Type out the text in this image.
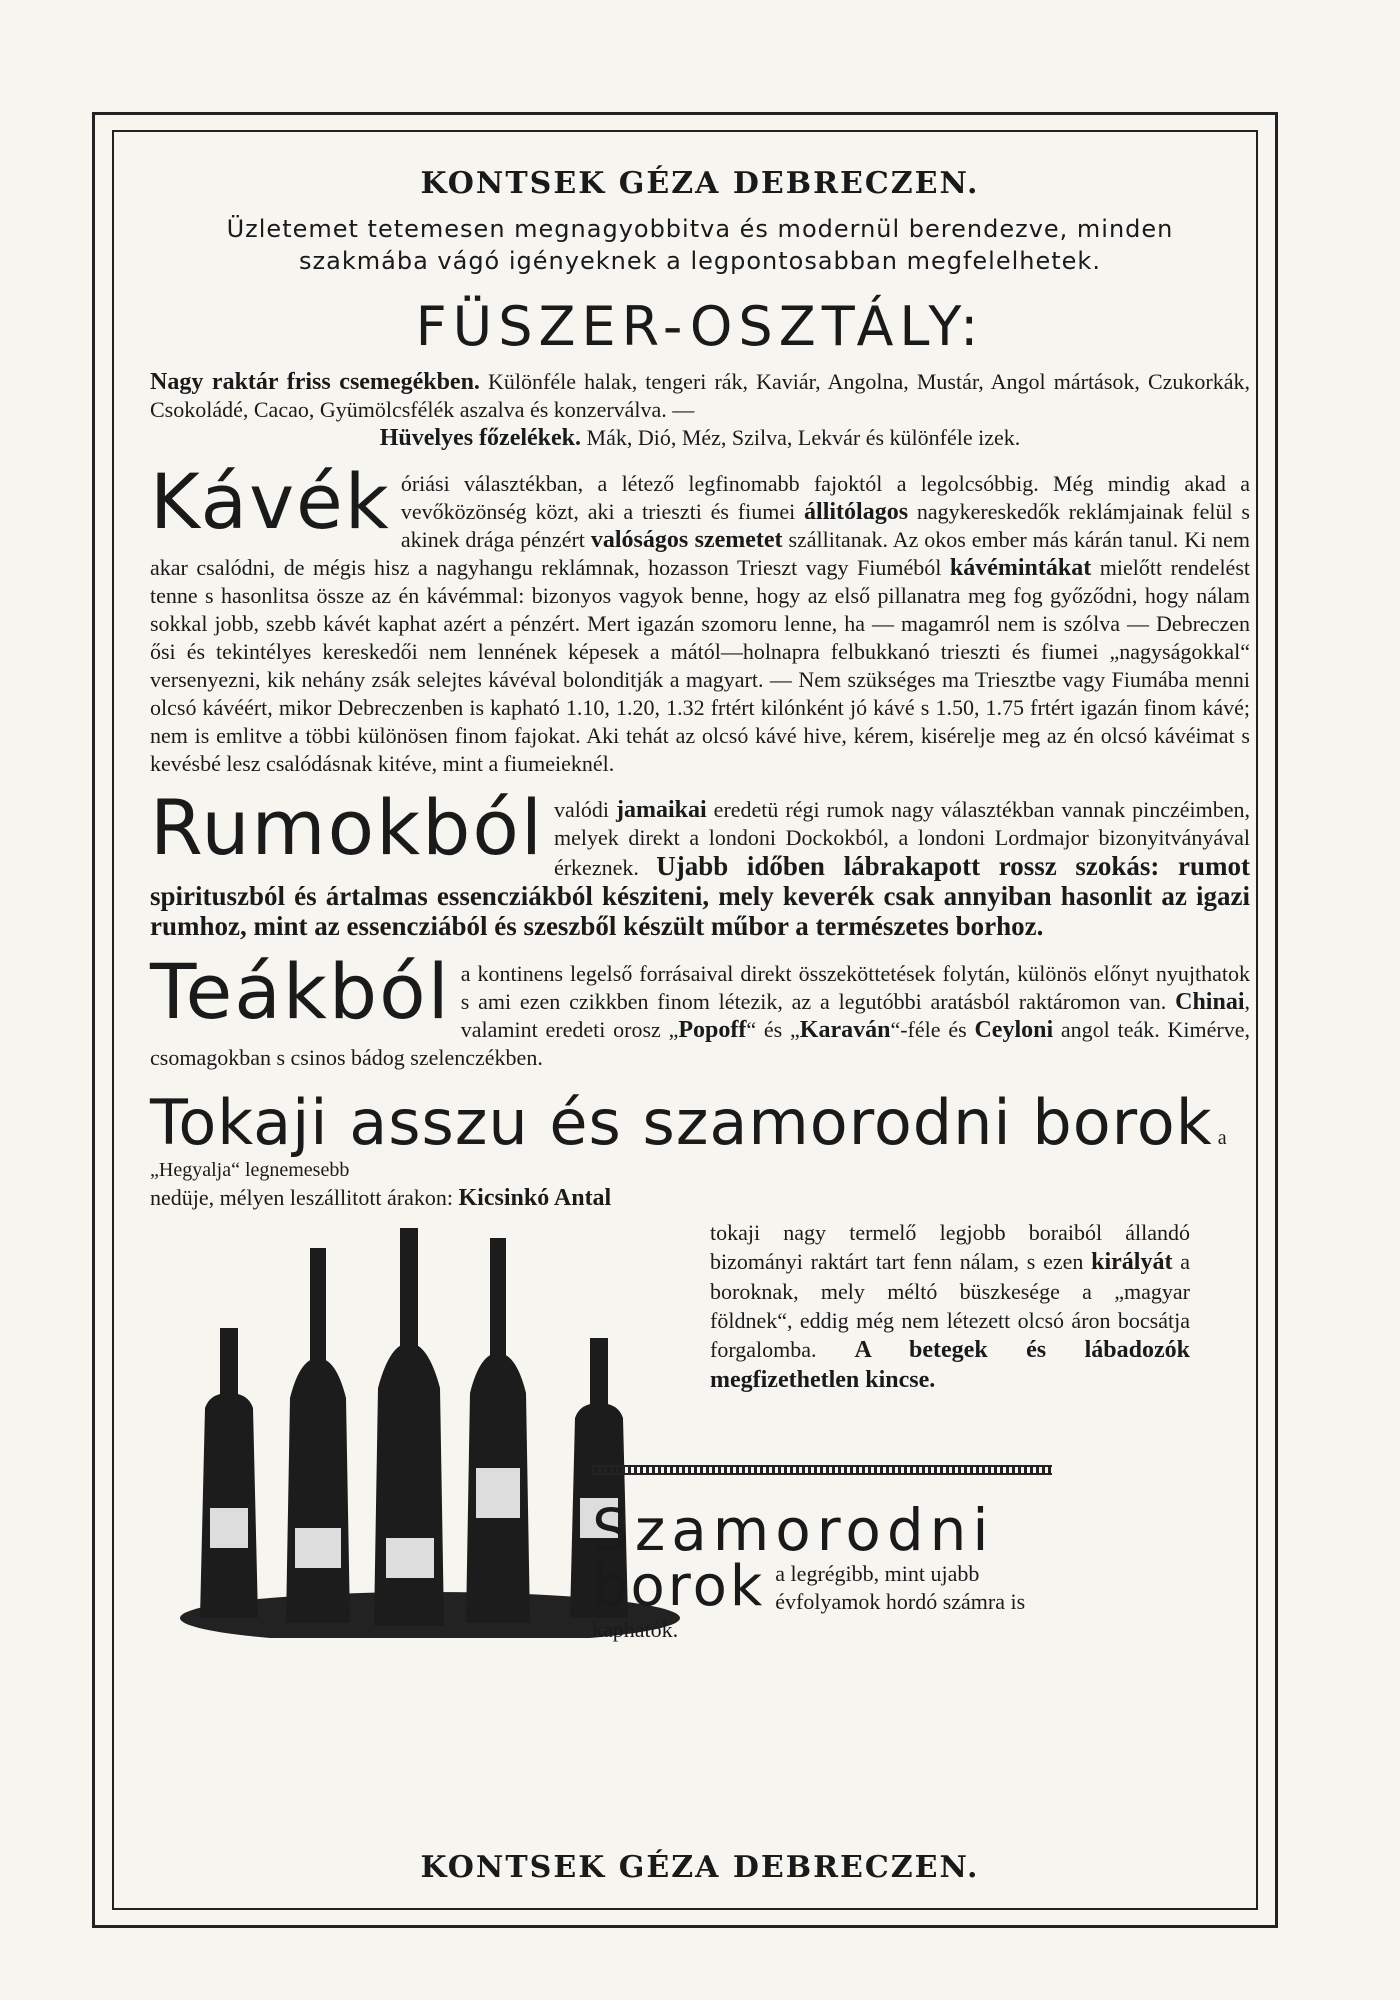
KONTSEK GÉZA DEBRECZEN.
Üzletemet tetemesen megnagyobbitva és modernül berendezve, minden
szakmába vágó igényeknek a legpontosabban megfelelhetek.
FÜSZER-OSZTÁLY:
Nagy raktár friss csemegékben. Különféle halak, tengeri rák, Kaviár, Angolna, Mustár, Angol mártások, Czukorkák, Csokoládé, Cacao, Gyümölcsfélék aszalva és konzerválva. —
Hüvelyes főzelékek. Mák, Dió, Méz, Szilva, Lekvár és különféle izek.
Kávék óriási választékban, a létező legfinomabb fajoktól a legolcsóbbig. Még mindig akad a vevőközönség közt, aki a trieszti és fiumei állitólagos nagykereskedők reklámjainak felül s akinek drága pénzért valóságos szemetet szállitanak. Az okos ember más kárán tanul. Ki nem akar csalódni, de mégis hisz a nagyhangu reklámnak, hozasson Trieszt vagy Fiuméból kávémintákat mielőtt rendelést tenne s hasonlitsa össze az én kávémmal: bizonyos vagyok benne, hogy az első pillanatra meg fog győződni, hogy nálam sokkal jobb, szebb kávét kaphat azért a pénzért. Mert igazán szomoru lenne, ha — magamról nem is szólva — Debreczen ősi és tekintélyes kereskedői nem lennének képesek a mától—holnapra felbukkanó trieszti és fiumei „nagyságokkal“ versenyezni, kik nehány zsák selejtes kávéval bolonditják a magyart. — Nem szükséges ma Triesztbe vagy Fiumába menni olcsó kávéért, mikor Debreczenben is kapható 1.10, 1.20, 1.32 frtért kilónként jó kávé s 1.50, 1.75 frtért igazán finom kávé; nem is emlitve a többi különösen finom fajokat. Aki tehát az olcsó kávé hive, kérem, kisérelje meg az én olcsó kávéimat s kevésbé lesz csalódásnak kitéve, mint a fiumeieknél.
Rumokból valódi jamaikai eredetü régi rumok nagy választékban vannak pinczéimben, melyek direkt a londoni Dockokból, a londoni Lordmajor bizonyitványával érkeznek. Ujabb időben lábrakapott rossz szokás: rumot spirituszból és ártalmas essencziákból késziteni, mely keverék csak annyiban hasonlit az igazi rumhoz, mint az essencziából és szeszből készült műbor a természetes borhoz.
Teákból a kontinens legelső forrásaival direkt összeköttetések folytán, különös előnyt nyujthatok s ami ezen czikkben finom létezik, az a legutóbbi aratásból raktáromon van. Chinai, valamint eredeti orosz „Popoff“ és „Karaván“-féle és Ceyloni angol teák. Kimérve, csomagokban s csinos bádog szelenczékben.
Tokaji asszu és szamorodni borok a „Hegyalja“ legnemesebb
nedüje, mélyen leszállitott árakon: Kicsinkó Antal
tokaji nagy termelő legjobb boraiból állandó bizományi raktárt tart fenn nálam, s ezen királyát a boroknak, mely méltó büszkesége a „magyar földnek“, eddig még nem létezett olcsó áron bocsátja forgalomba. A betegek és lábadozók megfizethetlen kincse.
Szamorodni
borok a legrégibb, mint ujabb évfolyamok hordó számra is kaphatók.
KONTSEK GÉZA DEBRECZEN.
